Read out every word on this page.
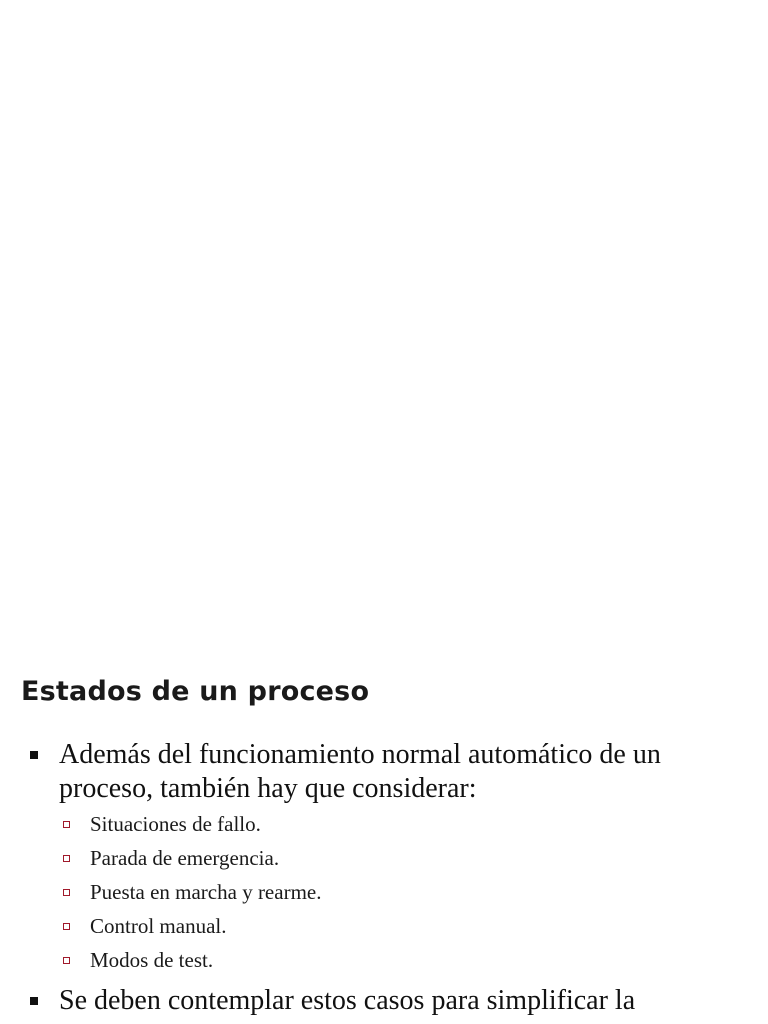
Estados de un proceso
Además del funcionamiento normal automático de un proceso, también hay que considerar:
Situaciones de fallo.
Parada de emergencia.
Puesta en marcha y rearme.
Control manual.
Modos de test.
Se deben contemplar estos casos para simplificar la
